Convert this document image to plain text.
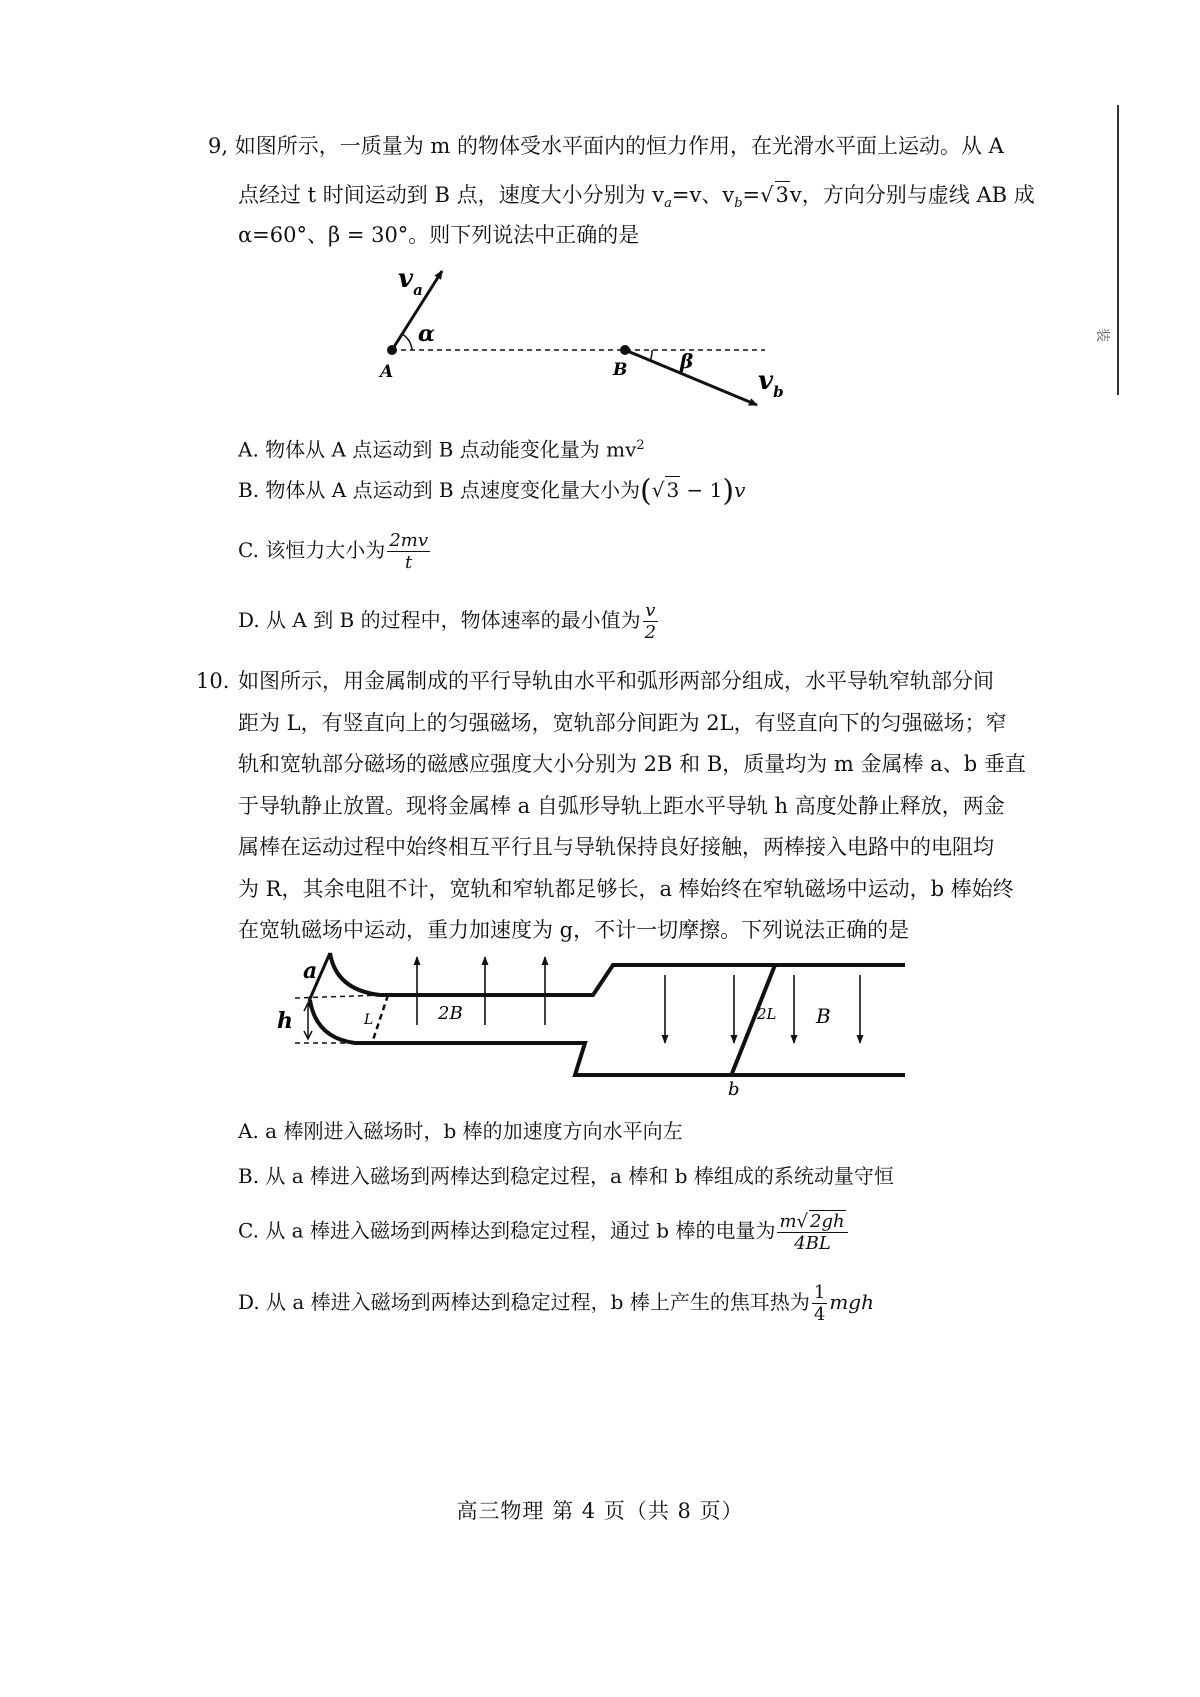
装
9, 如图所示，一质量为 m 的物体受水平面内的恒力作用，在光滑水平面上运动。从 A
点经过 t 时间运动到 B 点，速度大小分别为 $v_a=v$、$v_b=√3v$，方向分别与虚线 AB 成
α=60°、β = 30°。则下列说法中正确的是
$v_a$
α
A	B	β
$v_b$
A. 物体从 A 点运动到 B 点动能变化量为 $mv^2$
B. 物体从 A 点运动到 B 点速度变化量大小为(√ 3 − 1)v
C. 该恒力大小为 $\frac{2mv}{t}$
D. 从 A 到 B 的过程中，物体速率的最小值为 $\frac{v}{2}$
10. 如图所示，用金属制成的平行导轨由水平和弧形两部分组成，水平导轨窄轨部分间
距为 L，有竖直向上的匀强磁场，宽轨部分间距为 2L，有竖直向下的匀强磁场；窄
轨和宽轨部分磁场的磁感应强度大小分别为 2B 和 B，质量均为 m 金属棒 a、b 垂直
于导轨静止放置。现将金属棒 a 自弧形导轨上距水平导轨 h 高度处静止释放，两金
属棒在运动过程中始终相互平行且与导轨保持良好接触，两棒接入电路中的电阻均
为 R，其余电阻不计，宽轨和窄轨都足够长，a 棒始终在窄轨磁场中运动，b 棒始终
在宽轨磁场中运动，重力加速度为 g，不计一切摩擦。下列说法正确的是
a
h	L	2B	2L B
b
A. a 棒刚进入磁场时，b 棒的加速度方向水平向左
B. 从 a 棒进入磁场到两棒达到稳定过程，a 棒和 b 棒组成的系统动量守恒
C. 从 a 棒进入磁场到两棒达到稳定过程，通过 b 棒的电量为 $\frac{m√ 2gh}{4BL}$
D. 从 a 棒进入磁场到两棒达到稳定过程，b 棒上产生的焦耳热为 $\frac{1}{4}$ mgh
高三物理 第 4 页（共 8 页）
